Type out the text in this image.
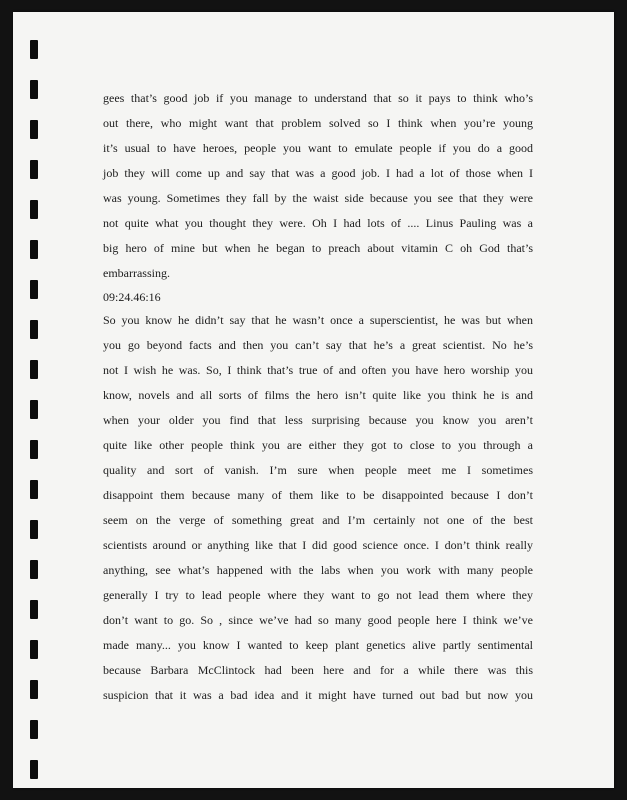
gees that’s good job if you manage to understand that so it pays to think who’s
out there, who might want that problem solved so I think when you’re young
it’s usual to have heroes, people you want to emulate people if you do a good
job they will come up and say that was a good job. I had a lot of those when I
was young. Sometimes they fall by the waist side because you see that they were
not quite what you thought they were. Oh I had lots of .... Linus Pauling was a
big hero of mine but when he began to preach about vitamin C oh God that’s
embarrassing.
09:24.46:16
So you know he didn’t say that he wasn’t once a superscientist, he was but when
you go beyond facts and then you can’t say that he’s a great scientist. No he’s
not I wish he was. So, I think that’s true of and often you have hero worship you
know, novels and all sorts of films the hero isn’t quite like you think he is and
when your older you find that less surprising because you know you aren’t
quite like other people think you are either they got to close to you through a
quality and sort of vanish. I’m sure when people meet me I sometimes
disappoint them because many of them like to be disappointed because I don’t
seem on the verge of something great and I’m certainly not one of the best
scientists around or anything like that I did good science once. I don’t think really
anything, see what’s happened with the labs when you work with many people
generally I try to lead people where they want to go not lead them where they
don’t want to go. So , since we’ve had so many good people here I think we’ve
made many... you know I wanted to keep plant genetics alive partly sentimental
because Barbara McClintock had been here and for a while there was this
suspicion that it was a bad idea and it might have turned out bad but now you
